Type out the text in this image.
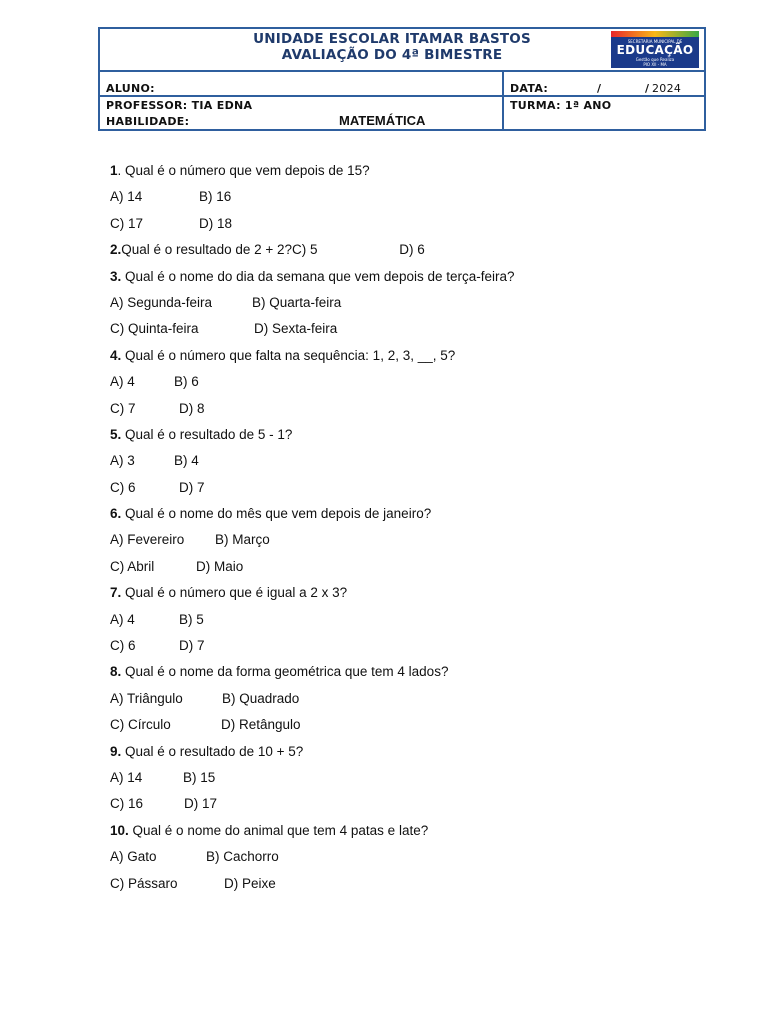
UNIDADE ESCOLAR ITAMAR BASTOS
AVALIAÇÃO DO 4ª BIMESTRE
SECRETARIA MUNICIPAL DE
EDUCAÇÃO
Gestão que Realiza
PIO XII - MA
ALUNO:	DATA:	/	/ 2024
PROFESSOR: TIA EDNA	TURMA: 1ª ANO
HABILIDADE:	MATEMÁTICA
1. Qual é o número que vem depois de 15?
A) 14	B) 16
C) 17	D) 18
2.Qual é o resultado de 2 + 2?C) 5	D) 6
3. Qual é o nome do dia da semana que vem depois de terça-feira?
A) Segunda-feira	B) Quarta-feira
C) Quinta-feira	D) Sexta-feira
4. Qual é o número que falta na sequência: 1, 2, 3, __, 5?
A) 4	B) 6
C) 7	D) 8
5. Qual é o resultado de 5 - 1?
A) 3	B) 4
C) 6	D) 7
6. Qual é o nome do mês que vem depois de janeiro?
A) Fevereiro B) Março
C) Abril	D) Maio
7. Qual é o número que é igual a 2 x 3?
A) 4	B) 5
C) 6	D) 7
8. Qual é o nome da forma geométrica que tem 4 lados?
A) Triângulo	B) Quadrado
C) Círculo	D) Retângulo
9. Qual é o resultado de 10 + 5?
A) 14	B) 15
C) 16	D) 17
10. Qual é o nome do animal que tem 4 patas e late?
A) Gato	B) Cachorro
C) Pássaro	D) Peixe
